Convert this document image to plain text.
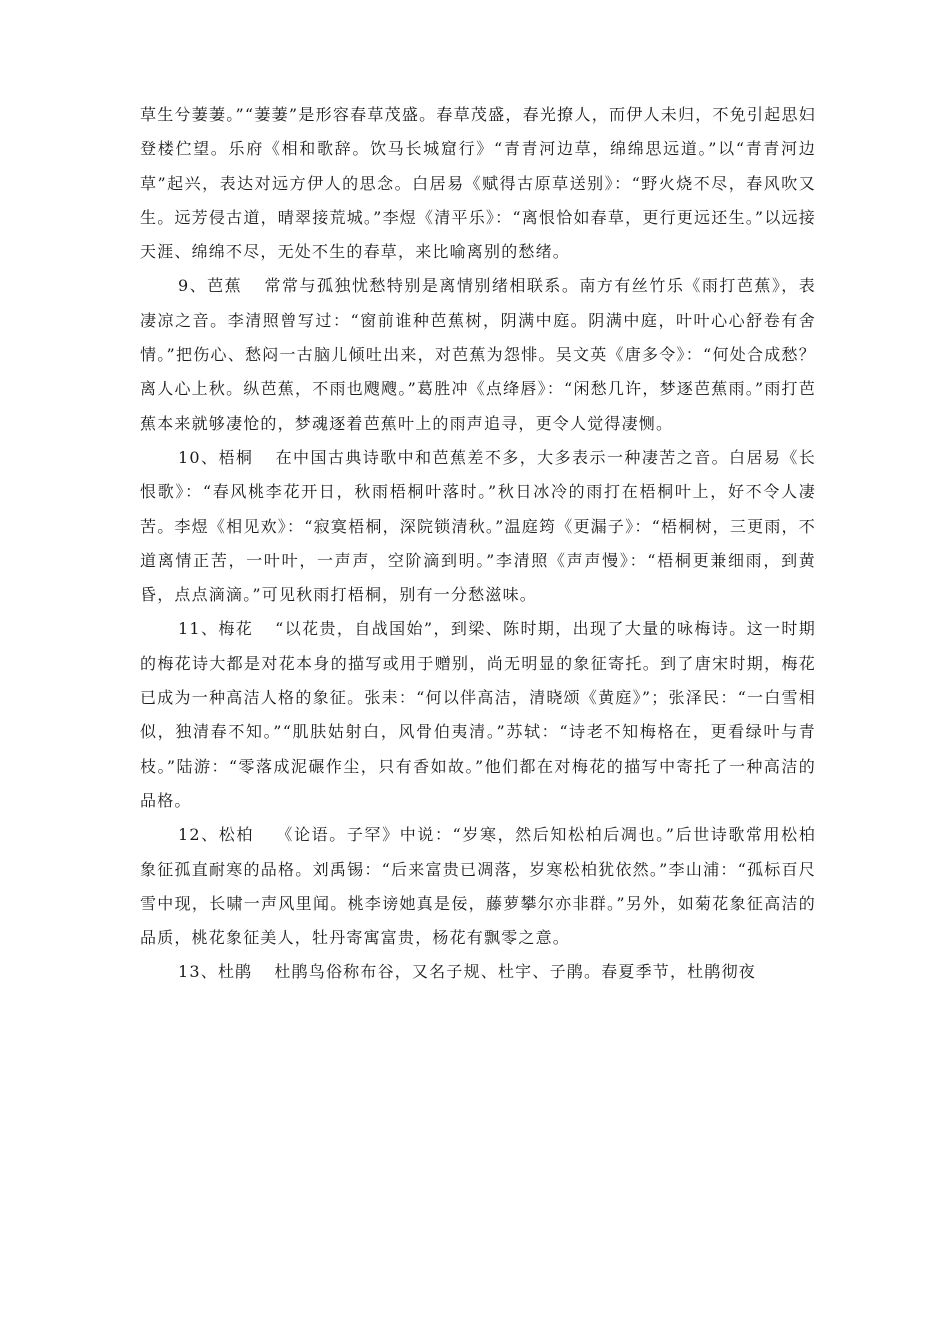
草生兮萋萋。”“萋萋”是形容春草茂盛。春草茂盛，春光撩人，而伊人未归，不免引起思妇登楼伫望。乐府《相和歌辞。饮马长城窟行》“青青河边草，绵绵思远道。”以“青青河边草”起兴，表达对远方伊人的思念。白居易《赋得古原草送别》：“野火烧不尽，春风吹又生。远芳侵古道，晴翠接荒城。”李煜《清平乐》：“离恨恰如春草，更行更远还生。”以远接天涯、绵绵不尽，无处不生的春草，来比喻离别的愁绪。

9、芭蕉 常常与孤独忧愁特别是离情别绪相联系。南方有丝竹乐《雨打芭蕉》，表凄凉之音。李清照曾写过：“窗前谁种芭蕉树，阴满中庭。阴满中庭，叶叶心心舒卷有舍情。”把伤心、愁闷一古脑儿倾吐出来，对芭蕉为怨悱。吴文英《唐多令》：“何处合成愁？离人心上秋。纵芭蕉，不雨也飕飕。”葛胜冲《点绛唇》：“闲愁几许，梦逐芭蕉雨。”雨打芭蕉本来就够凄怆的，梦魂逐着芭蕉叶上的雨声追寻，更令人觉得凄恻。

10、梧桐 在中国古典诗歌中和芭蕉差不多，大多表示一种凄苦之音。白居易《长恨歌》：“春风桃李花开日，秋雨梧桐叶落时。”秋日冰冷的雨打在梧桐叶上，好不令人凄苦。李煜《相见欢》：“寂寞梧桐，深院锁清秋。”温庭筠《更漏子》：“梧桐树，三更雨，不道离情正苦，一叶叶，一声声，空阶滴到明。”李清照《声声慢》：“梧桐更兼细雨，到黄昏，点点滴滴。”可见秋雨打梧桐，别有一分愁滋味。

11、梅花 “以花贵，自战国始”，到梁、陈时期，出现了大量的咏梅诗。这一时期的梅花诗大都是对花本身的描写或用于赠别，尚无明显的象征寄托。到了唐宋时期，梅花已成为一种高洁人格的象征。张耒：“何以伴高洁，清晓颂《黄庭》”；张泽民：“一白雪相似，独清春不知。”“肌肤姑射白，风骨伯夷清。”苏轼：“诗老不知梅格在，更看绿叶与青枝。”陆游：“零落成泥碾作尘，只有香如故。”他们都在对梅花的描写中寄托了一种高洁的品格。

12、松柏 《论语。子罕》中说：“岁寒，然后知松柏后凋也。”后世诗歌常用松柏象征孤直耐寒的品格。刘禹锡：“后来富贵已凋落，岁寒松柏犹依然。”李山浦：“孤标百尺雪中现，长啸一声风里闻。桃李谤她真是佞，藤萝攀尔亦非群。”另外，如菊花象征高洁的品质，桃花象征美人，牡丹寄寓富贵，杨花有飘零之意。

13、杜鹃 杜鹃鸟俗称布谷，又名子规、杜宇、子鹃。春夏季节，杜鹃彻夜
